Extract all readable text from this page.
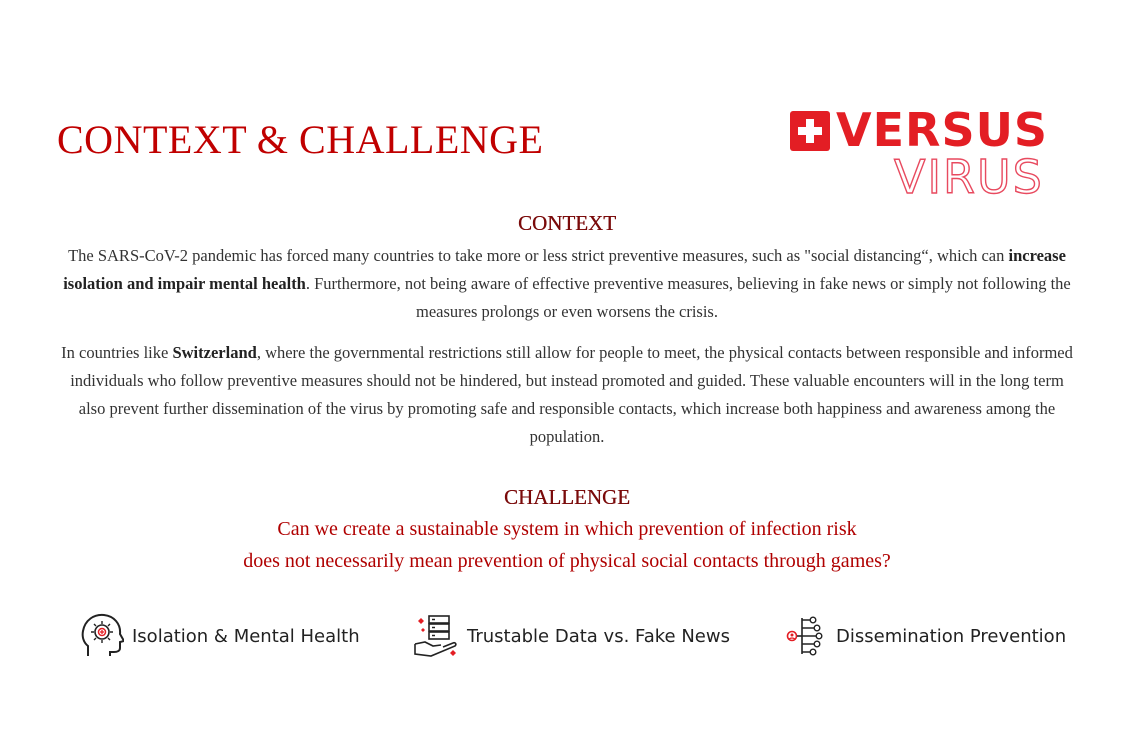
CONTEXT & CHALLENGE	VERSUS
VIRUS
CONTEXT

The SARS-CoV-2 pandemic has forced many countries to take more or less strict preventive measures, such as "social distancing“, which can increase isolation and impair mental health. Furthermore, not being aware of effective preventive measures, believing in fake news or simply not following the measures prolongs or even worsens the crisis.

In countries like Switzerland, where the governmental restrictions still allow for people to meet, the physical contacts between responsible and informed individuals who follow preventive measures should not be hindered, but instead promoted and guided. These valuable encounters will in the long term also prevent further dissemination of the virus by promoting safe and responsible contacts, which increase both happiness and awareness among the population.

CHALLENGE

Can we create a sustainable system in which prevention of infection risk

does not necessarily mean prevention of physical social contacts through games?

Isolation & Mental Health	Trustable Data vs. Fake News	Dissemination Prevention
